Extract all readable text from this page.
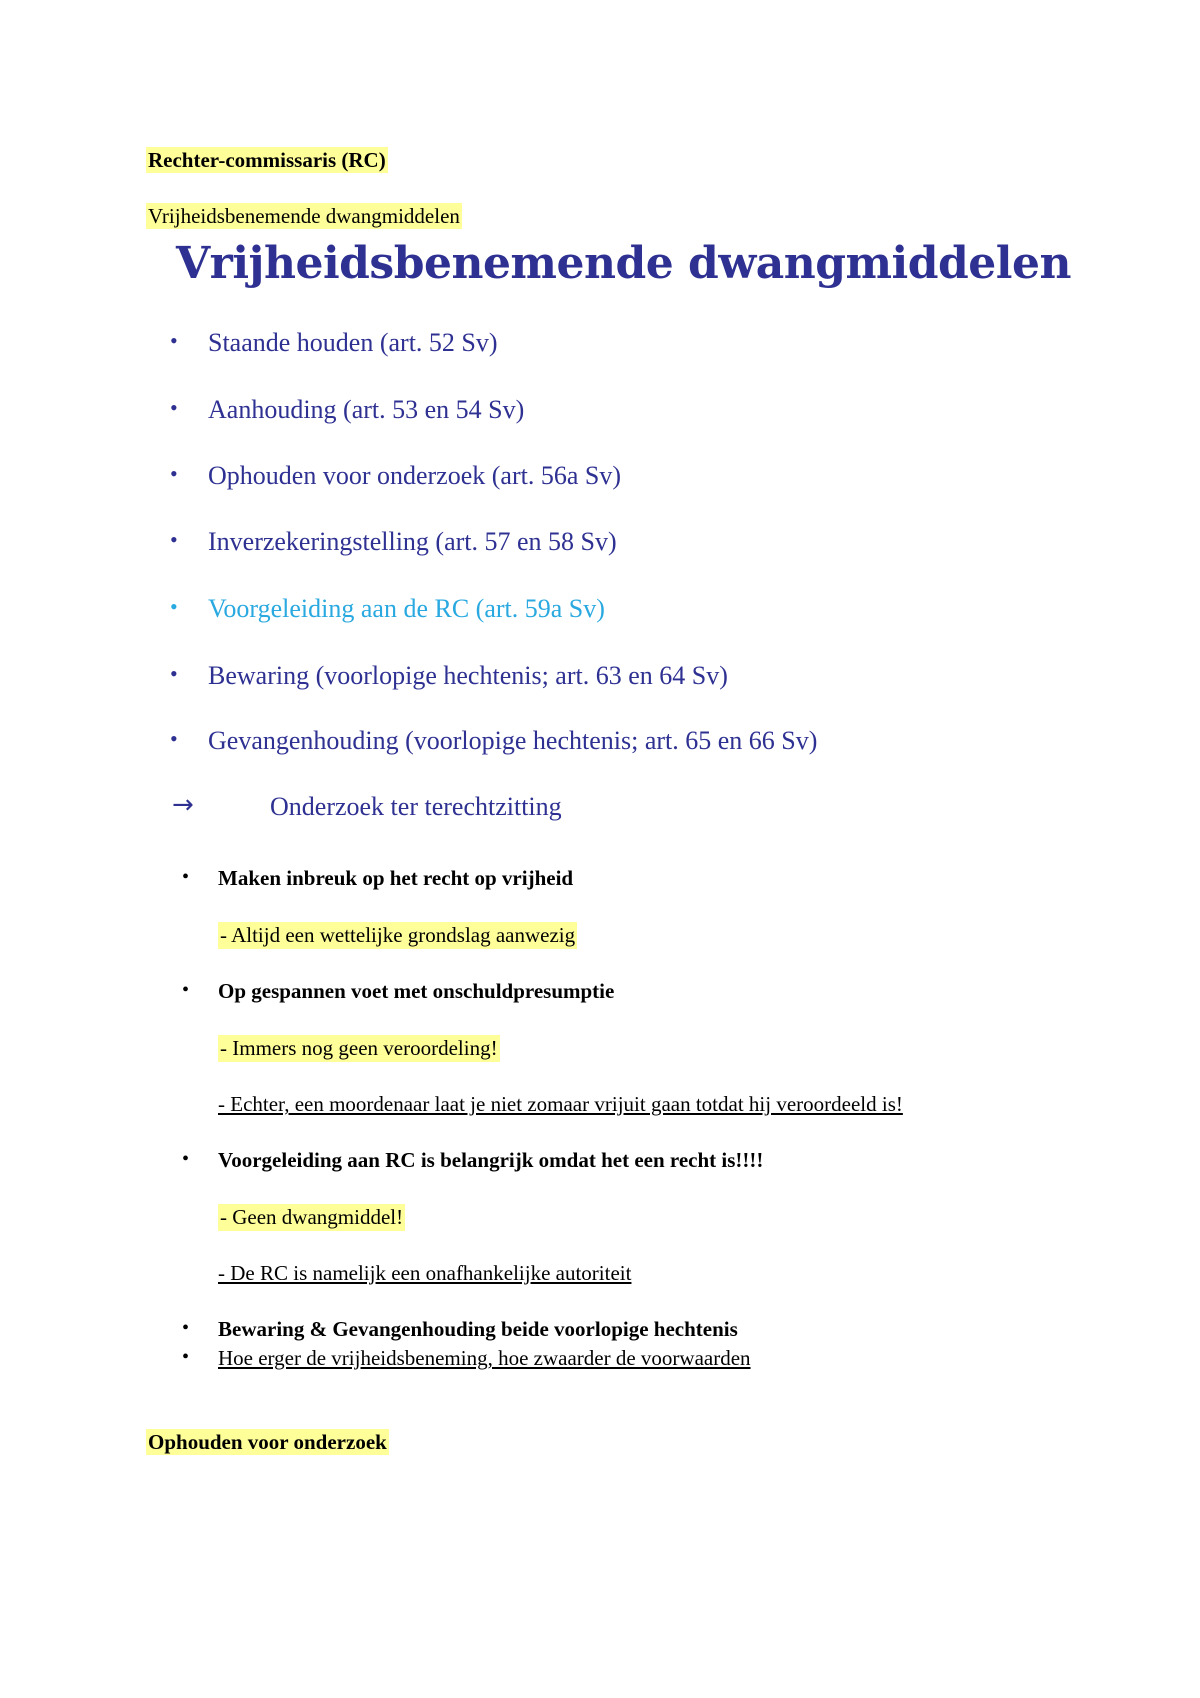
Rechter-commissaris (RC)
Vrijheidsbenemende dwangmiddelen
Vrijheidsbenemende dwangmiddelen
• Staande houden (art. 52 Sv)
• Aanhouding (art. 53 en 54 Sv)
• Ophouden voor onderzoek (art. 56a Sv)
• Inverzekeringstelling (art. 57 en 58 Sv)
• Voorgeleiding aan de RC (art. 59a Sv)
• Bewaring (voorlopige hechtenis; art. 63 en 64 Sv)
• Gevangenhouding (voorlopige hechtenis; art. 65 en 66 Sv)
→	Onderzoek ter terechtzitting
• Maken inbreuk op het recht op vrijheid
- Altijd een wettelijke grondslag aanwezig
• Op gespannen voet met onschuldpresumptie
- Immers nog geen veroordeling!
- Echter, een moordenaar laat je niet zomaar vrijuit gaan totdat hij veroordeeld is!
• Voorgeleiding aan RC is belangrijk omdat het een recht is!!!!
- Geen dwangmiddel!
- De RC is namelijk een onafhankelijke autoriteit
• Bewaring & Gevangenhouding beide voorlopige hechtenis
• Hoe erger de vrijheidsbeneming, hoe zwaarder de voorwaarden
Ophouden voor onderzoek
